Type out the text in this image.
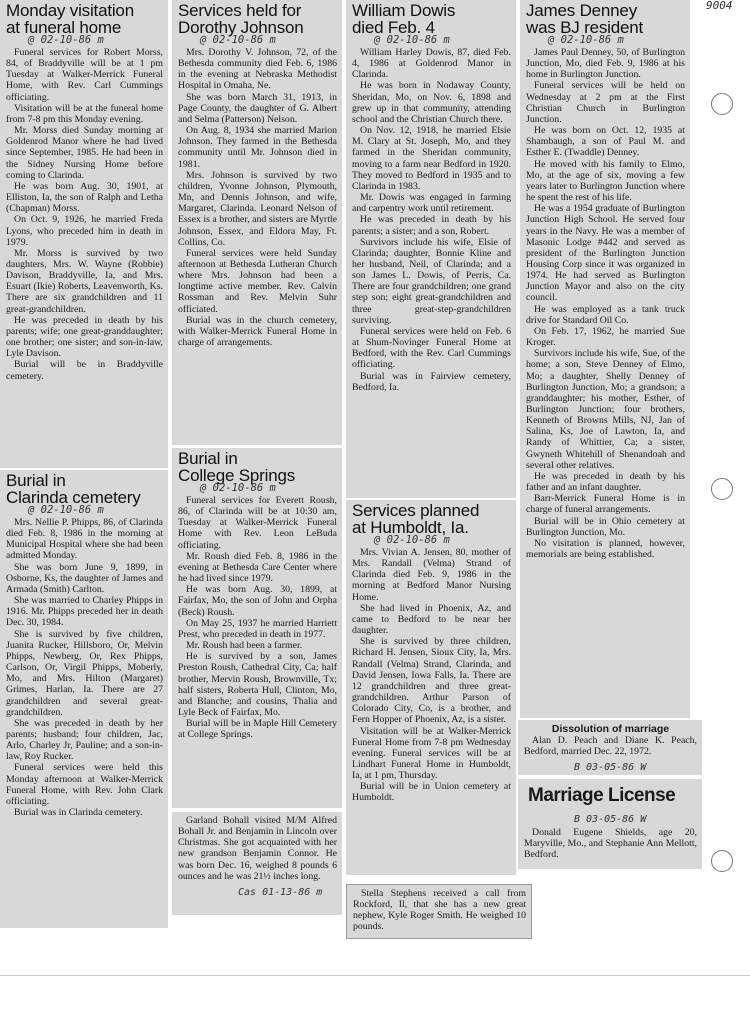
9004
Monday visitation
at funeral home
@ 02-10-86 m

Funeral services for Robert Morss, 84, of Braddyville will be at 1 pm Tuesday at Walker-Merrick Funeral Home, with Rev. Carl Cummings officiating.

Visitation will be at the funeral home from 7-8 pm this Monday evening.

Mr. Morss died Sunday morning at Goldenrod Manor where he had lived since September, 1985. He had been in the Sidney Nursing Home before coming to Clarinda.

He was born Aug. 30, 1901, at Elliston, Ia, the son of Ralph and Letha (Chapman) Morss.

On Oct. 9, 1926, he married Freda Lyons, who preceded him in death in 1979.

Mr. Morss is survived by two daughters, Mrs. W. Wayne (Robbie) Davison, Braddyville, Ia, and Mrs. Esuart (Ikie) Roberts, Leavenworth, Ks. There are six grandchildren and 11 great-grandchildren.

He was preceded in death by his parents; wife; one great-granddaughter; one brother; one sister; and son-in-law, Lyle Davison.

Burial will be in Braddyville cemetery.

Burial in
Clarinda cemetery
@ 02-10-86 m

Mrs. Nellie P. Phipps, 86, of Clarinda died Feb. 8, 1986 in the morning at Municipal Hospital where she had been admitted Monday.

She was born June 9, 1899, in Osborne, Ks, the daughter of James and Armada (Smith) Carlton.

She was married to Charley Phipps in 1916. Mr. Phipps preceded her in death Dec. 30, 1984.

She is survived by five children, Juanita Rucker, Hillsboro, Or, Melvin Phipps, Newberg, Or, Rex Phipps, Carlson, Or, Virgil Phipps, Moberly, Mo, and Mrs. Hilton (Margaret) Grimes, Harlan, Ia. There are 27 grandchildren and several great-grandchildren.

She was preceded in death by her parents; husband; four children, Jac, Arlo, Charley Jr, Pauline; and a son-in-law, Roy Rucker.

Funeral services were held this Monday afternoon at Walker-Merrick Funeral Home, with Rev. John Clark officiating.

Burial was in Clarinda cemetery.

Services held for
Dorothy Johnson
@ 02-10-86 m

Mrs. Dorothy V. Johnson, 72, of the Bethesda community died Feb. 6, 1986 in the evening at Nebraska Methodist Hospital in Omaha, Ne.

She was born March 31, 1913, in Page County, the daughter of G. Albert and Selma (Patterson) Nelson.

On Aug. 8, 1934 she married Marion Johnson. They farmed in the Bethesda community until Mr. Johnson died in 1981.

Mrs. Johnson is survived by two children, Yvonne Johnson, Plymouth, Mn, and Dennis Johnson, and wife, Margaret, Clarinda. Leonard Nelson of Essex is a brother, and sisters are Myrtle Johnson, Essex, and Eldora May, Ft. Collins, Co.

Funeral services were held Sunday afternoon at Bethesda Lutheran Church where Mrs. Johnson had been a longtime active member. Rev. Calvin Rossman and Rev. Melvin Suhr officiated.

Burial was in the church cemetery, with Walker-Merrick Funeral Home in charge of arrangements.

Burial in
College Springs
@ 02-10-86 m

Funeral services for Everett Roush, 86, of Clarinda will be at 10:30 am, Tuesday at Walker-Merrick Funeral Home with Rev. Leon LeBuda officiating.

Mr. Roush died Feb. 8, 1986 in the evening at Bethesda Care Center where he had lived since 1979.

He was born Aug. 30, 1899, at Fairfax, Mo, the son of John and Orpha (Beck) Roush.

On May 25, 1937 he married Harriett Prest, who preceded in death in 1977.

Mr. Roush had been a farmer.

He is survived by a son, James Preston Roush, Cathedral City, Ca; half brother, Mervin Roush, Brownville, Tx; half sisters, Roberta Hull, Clinton, Mo, and Blanche; and cousins, Thalia and Lyle Beck of Fairfax, Mo.

Burial will be in Maple Hill Cemetery at College Springs.

Garland Bohall visited M/M Alfred Bohall Jr. and Benjamin in Lincoln over Christmas. She got acquainted with her new grandson Benjamin Connor. He was born Dec. 16, weighed 8 pounds 6 ounces and he was 21½ inches long.

Cas 01-13-86 m
William Dowis
died Feb. 4
@ 02-10-86 m

William Harley Dowis, 87, died Feb. 4, 1986 at Goldenrod Manor in Clarinda.

He was born in Nodaway County, Sheridan, Mo, on Nov. 6, 1898 and grew up in that community, attending school and the Christian Church there.

On Nov. 12, 1918, he married Elsie M. Clary at St. Joseph, Mo, and they farmed in the Sheridan community, moving to a farm near Bedford in 1920. They moved to Bedford in 1935 and to Clarinda in 1983.

Mr. Dowis was engaged in farming and carpentry work until retirement.

He was preceded in death by his parents; a sister; and a son, Robert.

Survivors include his wife, Elsie of Clarinda; daughter, Bonnie Kline and her husband, Neil, of Clarinda; and a son James L. Dowis, of Perris, Ca. There are four grandchildren; one grand step son; eight great-grandchildren and three great-step-grandchildren surviving.

Funeral services were held on Feb. 6 at Shum-Novinger Funeral Home at Bedford, with the Rev. Carl Cummings officiating.

Burial was in Fairview cemetery, Bedford, Ia.

Services planned
at Humboldt, Ia.
@ 02-10-86 m

Mrs. Vivian A. Jensen, 80, mother of Mrs. Randall (Velma) Strand of Clarinda died Feb. 9, 1986 in the morning at Bedford Manor Nursing Home.

She had lived in Phoenix, Az, and came to Bedford to be near her daughter.

She is survived by three children, Richard H. Jensen, Sioux City, Ia, Mrs. Randall (Velma) Strand, Clarinda, and David Jensen, Iowa Falls, Ia. There are 12 grandchildren and three great-grandchildren. Arthur Parson of Colorado City, Co, is a brother, and Fern Hopper of Phoenix, Az, is a sister.

Visitation will be at Walker-Merrick Funeral Home from 7-8 pm Wednesday evening. Funeral services will be at Lindhart Funeral Home in Humboldt, Ia, at 1 pm, Thursday.

Burial will be in Union cemetery at Humboldt.

Stella Stephens received a call from Rockford, Il, that she has a new great nephew, Kyle Roger Smith. He weighed 10 pounds.

James Denney
was BJ resident
@ 02-10-86 m

James Paul Denney, 50, of Burlington Junction, Mo, died Feb. 9, 1986 at his home in Burlington Junction.

Funeral services will be held on Wednesday at 2 pm at the First Christian Church in Burlington Junction.

He was born on Oct. 12, 1935 at Shambaugh, a son of Paul M. and Esther E. (Twaddle) Denney.

He moved with his family to Elmo, Mo, at the age of six, moving a few years later to Burlington Junction where he spent the rest of his life.

He was a 1954 graduate of Burlington Junction High School. He served four years in the Navy. He was a member of Masonic Lodge #442 and served as president of the Burlington Junction Housing Corp since it was organized in 1974. He had served as Burlington Junction Mayor and also on the city council.

He was employed as a tank truck drive for Standard Oil Co.

On Feb. 17, 1962, he married Sue Kroger.

Survivors include his wife, Sue, of the home; a son, Steve Denney of Elmo, Mo; a daughter, Shelly Denney of Burlington Junction, Mo; a grandson; a granddaughter; his mother, Esther, of Burlington Junction; four brothers, Kenneth of Browns Mills, NJ, Jan of Salina, Ks, Joe of Lawton, Ia, and Randy of Whittier, Ca; a sister, Gwyneth Whitehill of Shenandoah and several other relatives.

He was preceded in death by his father and an infant daughter.

Barr-Merrick Funeral Home is in charge of funeral arrangements.

Burial will be in Ohio cemetery at Burlington Junction, Mo.

No visitation is planned, however, memorials are being established.

Dissolution of marriage

Alan D. Peach and Diane K. Peach, Bedford, married Dec. 22, 1972.

B 03-05-86 W
Marriage License
B 03-05-86 W

Donald Eugene Shields, age 20, Maryville, Mo., and Stephanie Ann Mellott, Bedford.
